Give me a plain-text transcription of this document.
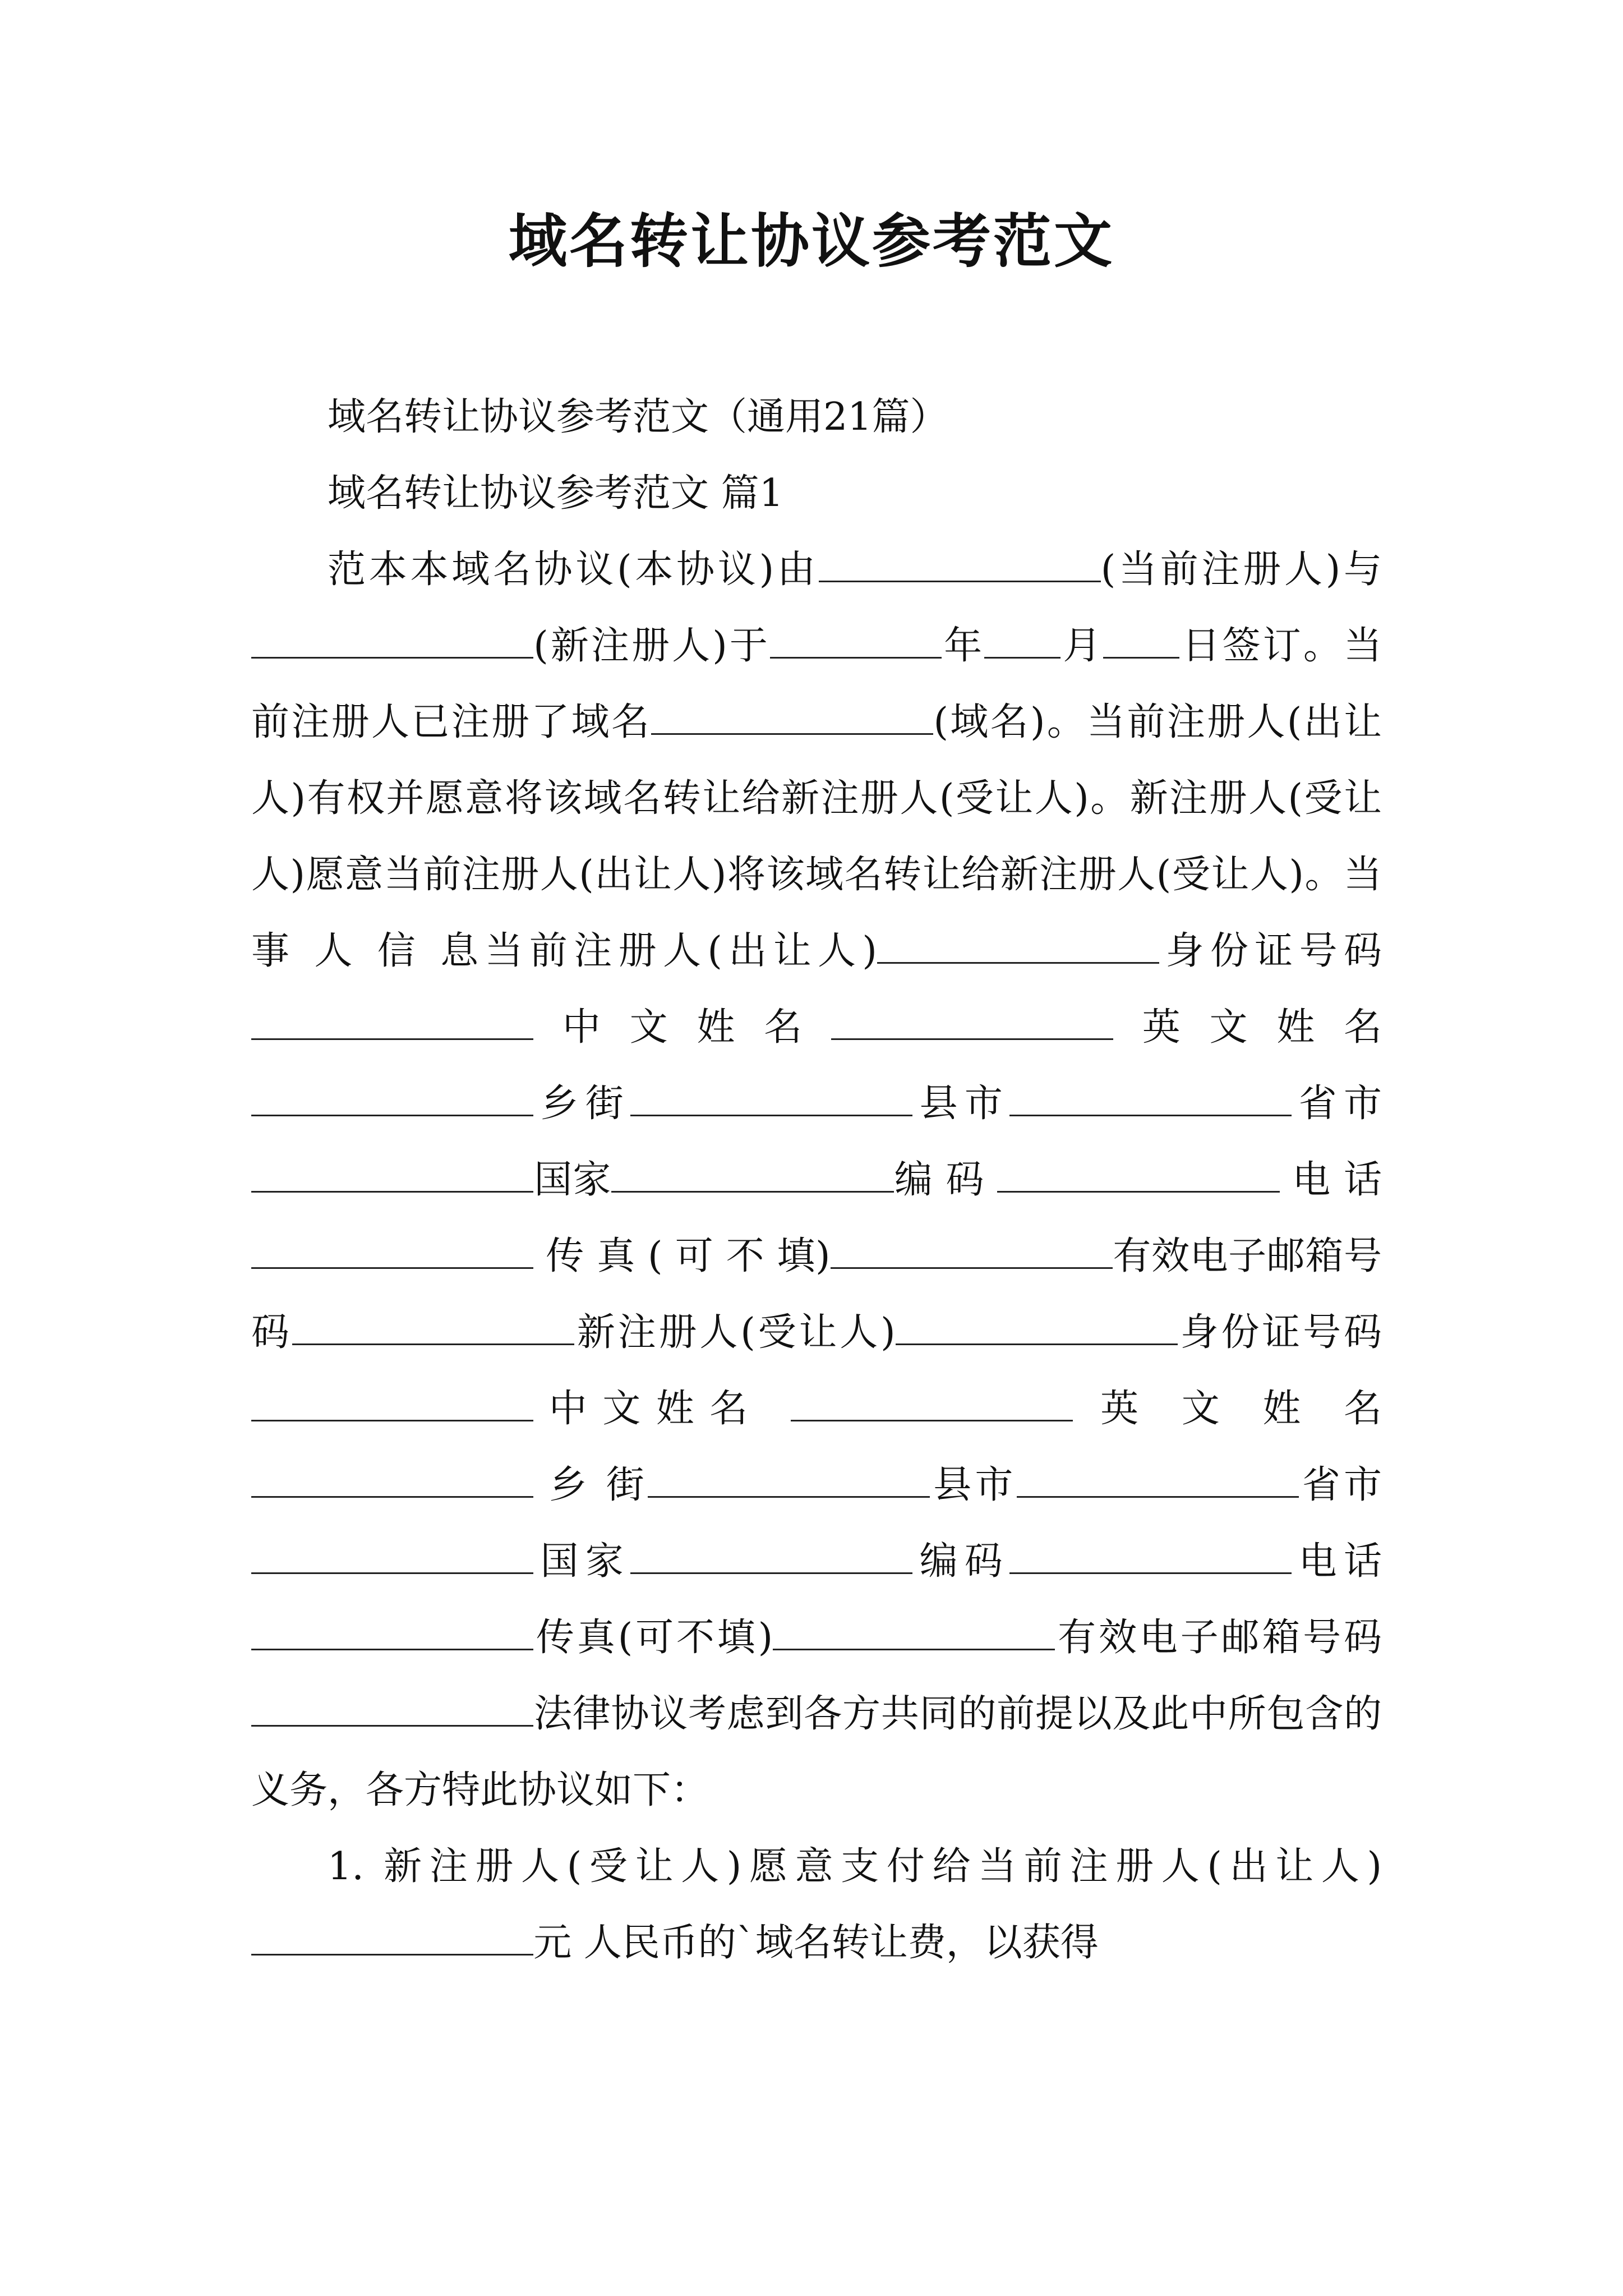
域名转让协议参考范文

域名转让协议参考范文（通用21篇）

域名转让协议参考范文 篇1

范本本域名协议(本协议)由	(当前注册人)与(新注册人)于	年 月 日签订。当前注册人已注册了域名	(域名)。当前注册人(出让人)有权并愿意将该域名转让给新注册人(受让人)。新注册人(受让人)愿意当前注册人(出让人)将该域名转让给新注册人(受让人)。当 事 人 信 息当前注册人(出让人)	身份证号码中文姓名	英文姓名乡街	县市	省市国家	编 码	电 话  传 真 ( 可 不 填)	有效电子邮箱号码	新注册人(受让人)	身份证号码中文姓名	英 文 姓 名  乡 街	县市	省市国家	编码	电话传真(可不填)	有效电子邮箱号码法律协议考虑到各方共同的前提以及此中所包含的义务，各方特此协议如下：

1. 新注册人(受让人)愿意支付给当前注册人(出让人)元 人民币的`域名转让费，以获得
